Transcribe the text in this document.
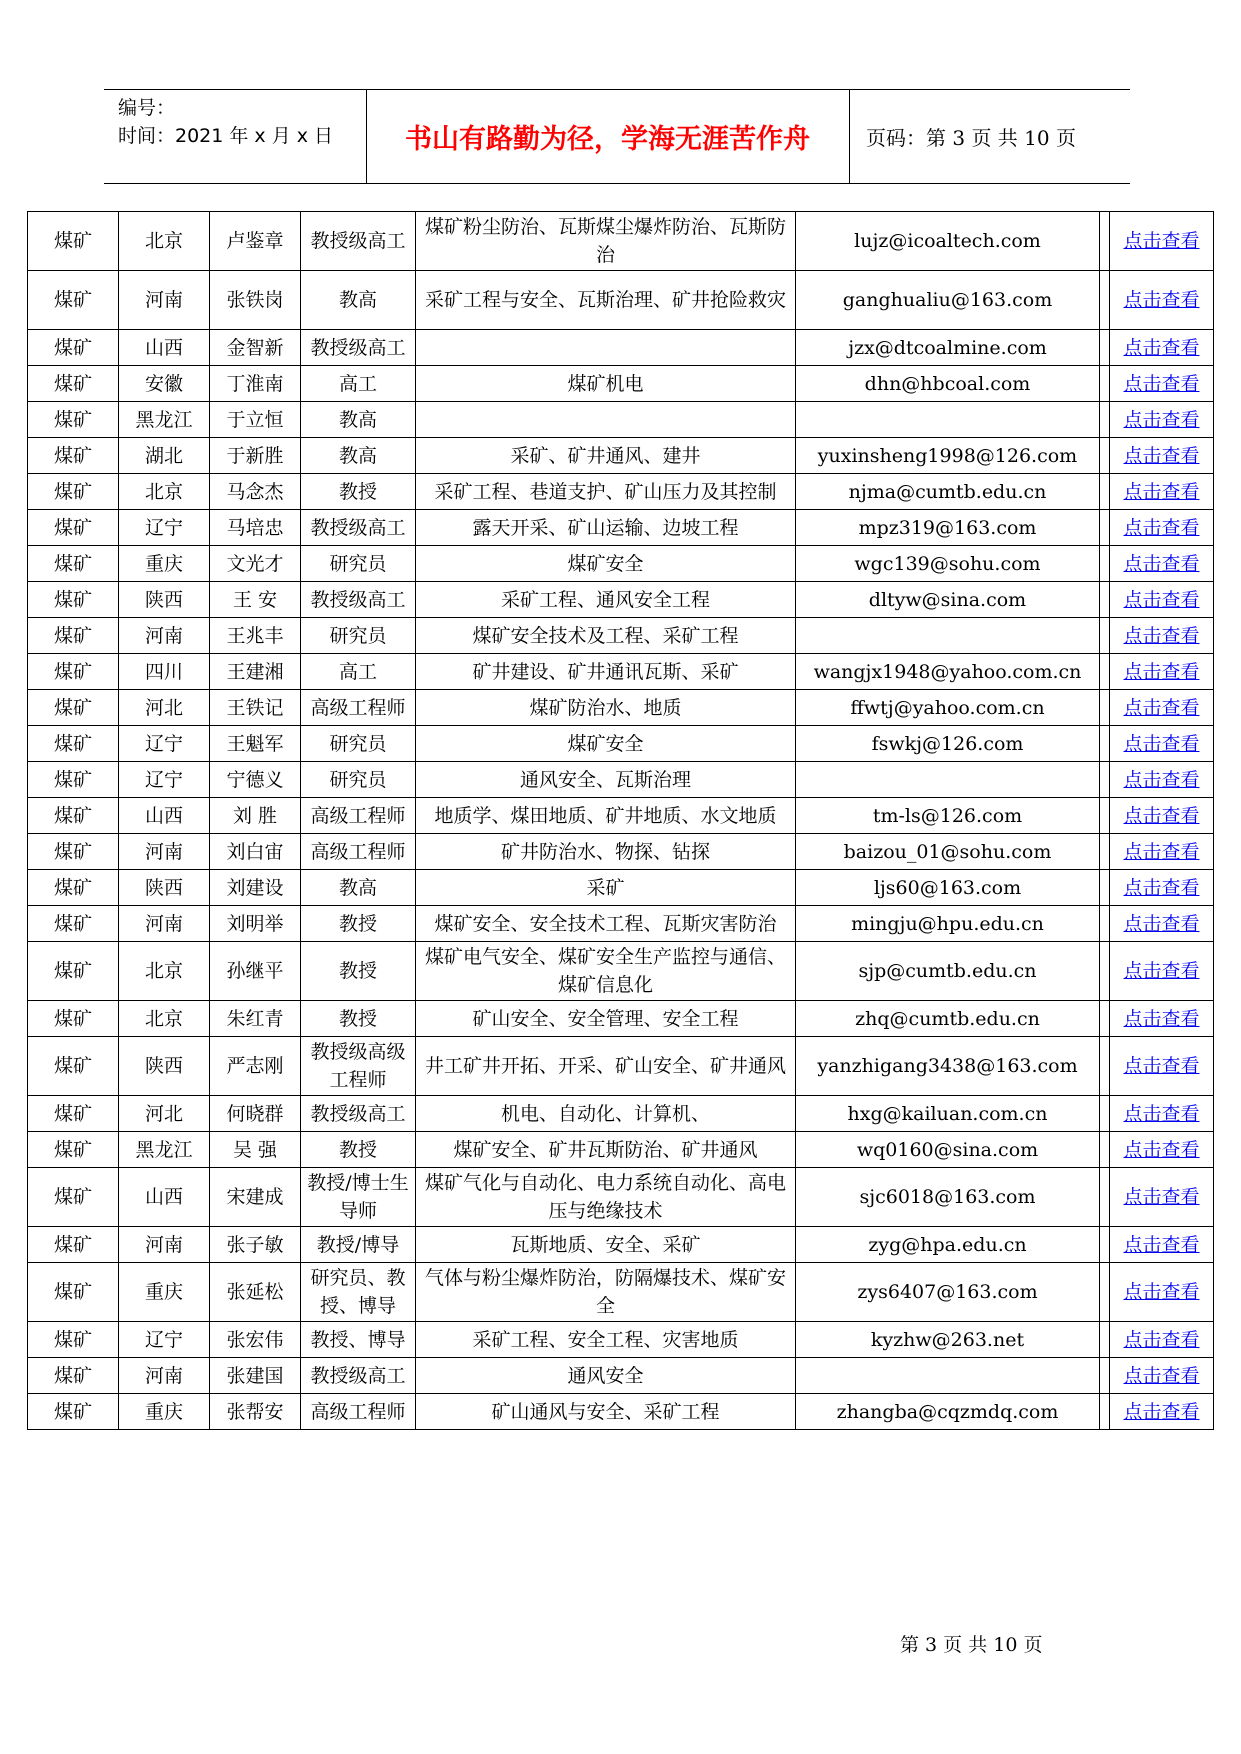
编号：
时间：2021 年 x 月 x 日	书山有路勤为径，学海无涯苦作舟	页码：第 3 页 共 10 页
煤矿	北京	卢鉴章	教授级高工	煤矿粉尘防治、瓦斯煤尘爆炸防治、瓦斯防治	lujz@icoaltech.com		点击查看
煤矿	河南	张铁岗	教高	采矿工程与安全、瓦斯治理、矿井抢险救灾	ganghualiu@163.com		点击查看
煤矿	山西	金智新	教授级高工		jzx@dtcoalmine.com		点击查看
煤矿	安徽	丁淮南	高工	煤矿机电	dhn@hbcoal.com		点击查看
煤矿	黑龙江	于立恒	教高				点击查看
煤矿	湖北	于新胜	教高	采矿、矿井通风、建井	yuxinsheng1998@126.com		点击查看
煤矿	北京	马念杰	教授	采矿工程、巷道支护、矿山压力及其控制	njma@cumtb.edu.cn		点击查看
煤矿	辽宁	马培忠	教授级高工	露天开采、矿山运输、边坡工程	mpz319@163.com		点击查看
煤矿	重庆	文光才	研究员	煤矿安全	wgc139@sohu.com		点击查看
煤矿	陕西	王 安	教授级高工	采矿工程、通风安全工程	dltyw@sina.com		点击查看
煤矿	河南	王兆丰	研究员	煤矿安全技术及工程、采矿工程			点击查看
煤矿	四川	王建湘	高工	矿井建设、矿井通讯瓦斯、采矿	wangjx1948@yahoo.com.cn		点击查看
煤矿	河北	王铁记	高级工程师	煤矿防治水、地质	ffwtj@yahoo.com.cn		点击查看
煤矿	辽宁	王魁军	研究员	煤矿安全	fswkj@126.com		点击查看
煤矿	辽宁	宁德义	研究员	通风安全、瓦斯治理			点击查看
煤矿	山西	刘 胜	高级工程师	地质学、煤田地质、矿井地质、水文地质	tm-ls@126.com		点击查看
煤矿	河南	刘白宙	高级工程师	矿井防治水、物探、钻探	baizou_01@sohu.com		点击查看
煤矿	陕西	刘建设	教高	采矿	ljs60@163.com		点击查看
煤矿	河南	刘明举	教授	煤矿安全、安全技术工程、瓦斯灾害防治	mingju@hpu.edu.cn		点击查看
煤矿	北京	孙继平	教授	煤矿电气安全、煤矿安全生产监控与通信、煤矿信息化	sjp@cumtb.edu.cn		点击查看
煤矿	北京	朱红青	教授	矿山安全、安全管理、安全工程	zhq@cumtb.edu.cn		点击查看
煤矿	陕西	严志刚	教授级高级工程师	井工矿井开拓、开采、矿山安全、矿井通风	yanzhigang3438@163.com		点击查看
煤矿	河北	何晓群	教授级高工	机电、自动化、计算机、	hxg@kailuan.com.cn		点击查看
煤矿	黑龙江	吴 强	教授	煤矿安全、矿井瓦斯防治、矿井通风	wq0160@sina.com		点击查看
煤矿	山西	宋建成	教授/博士生导师	煤矿气化与自动化、电力系统自动化、高电压与绝缘技术	sjc6018@163.com		点击查看
煤矿	河南	张子敏	教授/博导	瓦斯地质、安全、采矿	zyg@hpa.edu.cn		点击查看
煤矿	重庆	张延松	研究员、教授、博导	气体与粉尘爆炸防治，防隔爆技术、煤矿安全	zys6407@163.com		点击查看
煤矿	辽宁	张宏伟	教授、博导	采矿工程、安全工程、灾害地质	kyzhw@263.net		点击查看
煤矿	河南	张建国	教授级高工	通风安全			点击查看
煤矿	重庆	张帮安	高级工程师	矿山通风与安全、采矿工程	zhangba@cqzmdq.com		点击查看
第 3 页 共 10 页
